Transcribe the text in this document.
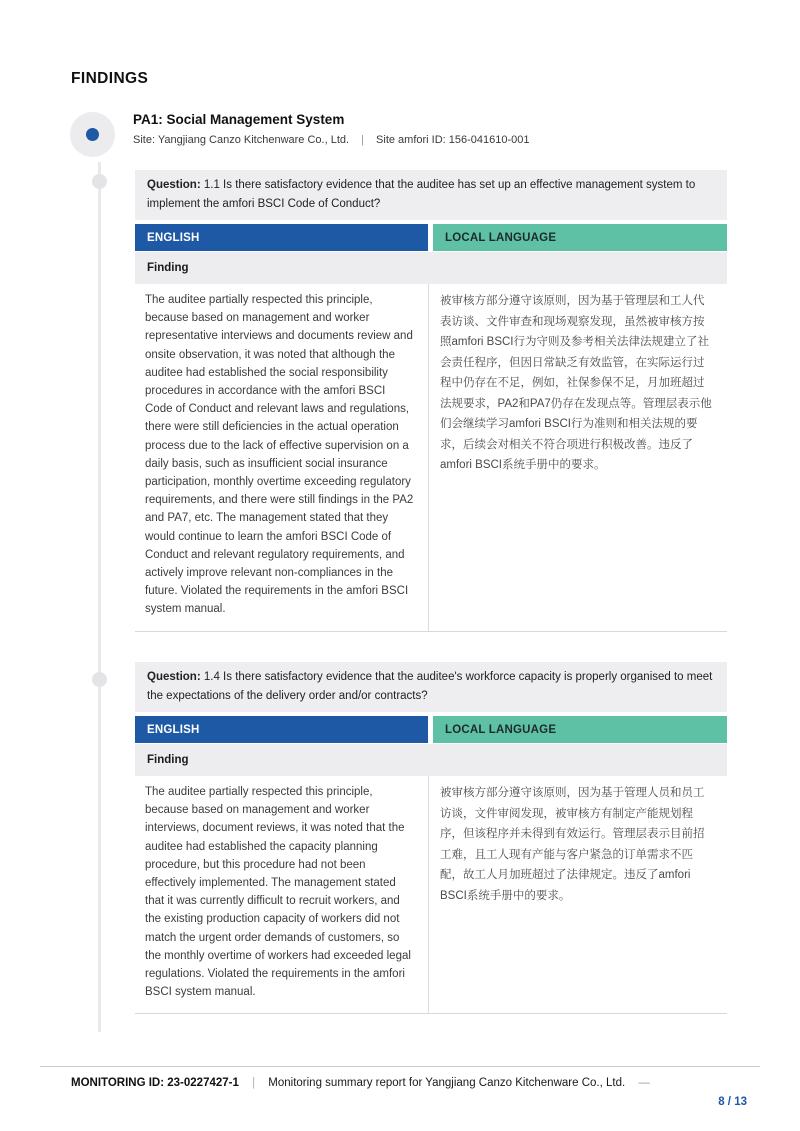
FINDINGS
PA1: Social Management System
Site: Yangjiang Canzo Kitchenware Co., Ltd. | Site amfori ID: 156-041610-001
Question: 1.1 Is there satisfactory evidence that the auditee has set up an effective management system to implement the amfori BSCI Code of Conduct?
ENGLISH	LOCAL LANGUAGE
Finding
The auditee partially respected this principle, because based on management and worker representative interviews and documents review and onsite observation, it was noted that although the auditee had established the social responsibility procedures in accordance with the amfori BSCI Code of Conduct and relevant laws and regulations, there were still deficiencies in the actual operation process due to the lack of effective supervision on a daily basis, such as insufficient social insurance participation, monthly overtime exceeding regulatory requirements, and there were still findings in the PA2 and PA7, etc. The management stated that they would continue to learn the amfori BSCI Code of Conduct and relevant regulatory requirements, and actively improve relevant non-compliances in the future. Violated the requirements in the amfori BSCI system manual.
被审核方部分遵守该原则，因为基于管理层和工人代表访谈、文件审查和现场观察发现，虽然被审核方按照amfori BSCI行为守则及参考相关法律法规建立了社会责任程序，但因日常缺乏有效监管，在实际运行过程中仍存在不足，例如，社保参保不足，月加班超过法规要求，PA2和PA7仍存在发现点等。管理层表示他们会继续学习amfori BSCI行为准则和相关法规的要求，后续会对相关不符合项进行积极改善。违反了amfori BSCI系统手册中的要求。
Question: 1.4 Is there satisfactory evidence that the auditee's workforce capacity is properly organised to meet the expectations of the delivery order and/or contracts?
ENGLISH	LOCAL LANGUAGE
Finding
The auditee partially respected this principle, because based on management and worker interviews, document reviews, it was noted that the auditee had established the capacity planning procedure, but this procedure had not been effectively implemented. The management stated that it was currently difficult to recruit workers, and the existing production capacity of workers did not match the urgent order demands of customers, so the monthly overtime of workers had exceeded legal regulations. Violated the requirements in the amfori BSCI system manual.
被审核方部分遵守该原则，因为基于管理人员和员工访谈，文件审阅发现，被审核方有制定产能规划程序，但该程序并未得到有效运行。管理层表示目前招工难，且工人现有产能与客户紧急的订单需求不匹配，故工人月加班超过了法律规定。违反了amfori BSCI系统手册中的要求。
MONITORING ID: 23-0227427-1 | Monitoring summary report for Yangjiang Canzo Kitchenware Co., Ltd. —
8 / 13
